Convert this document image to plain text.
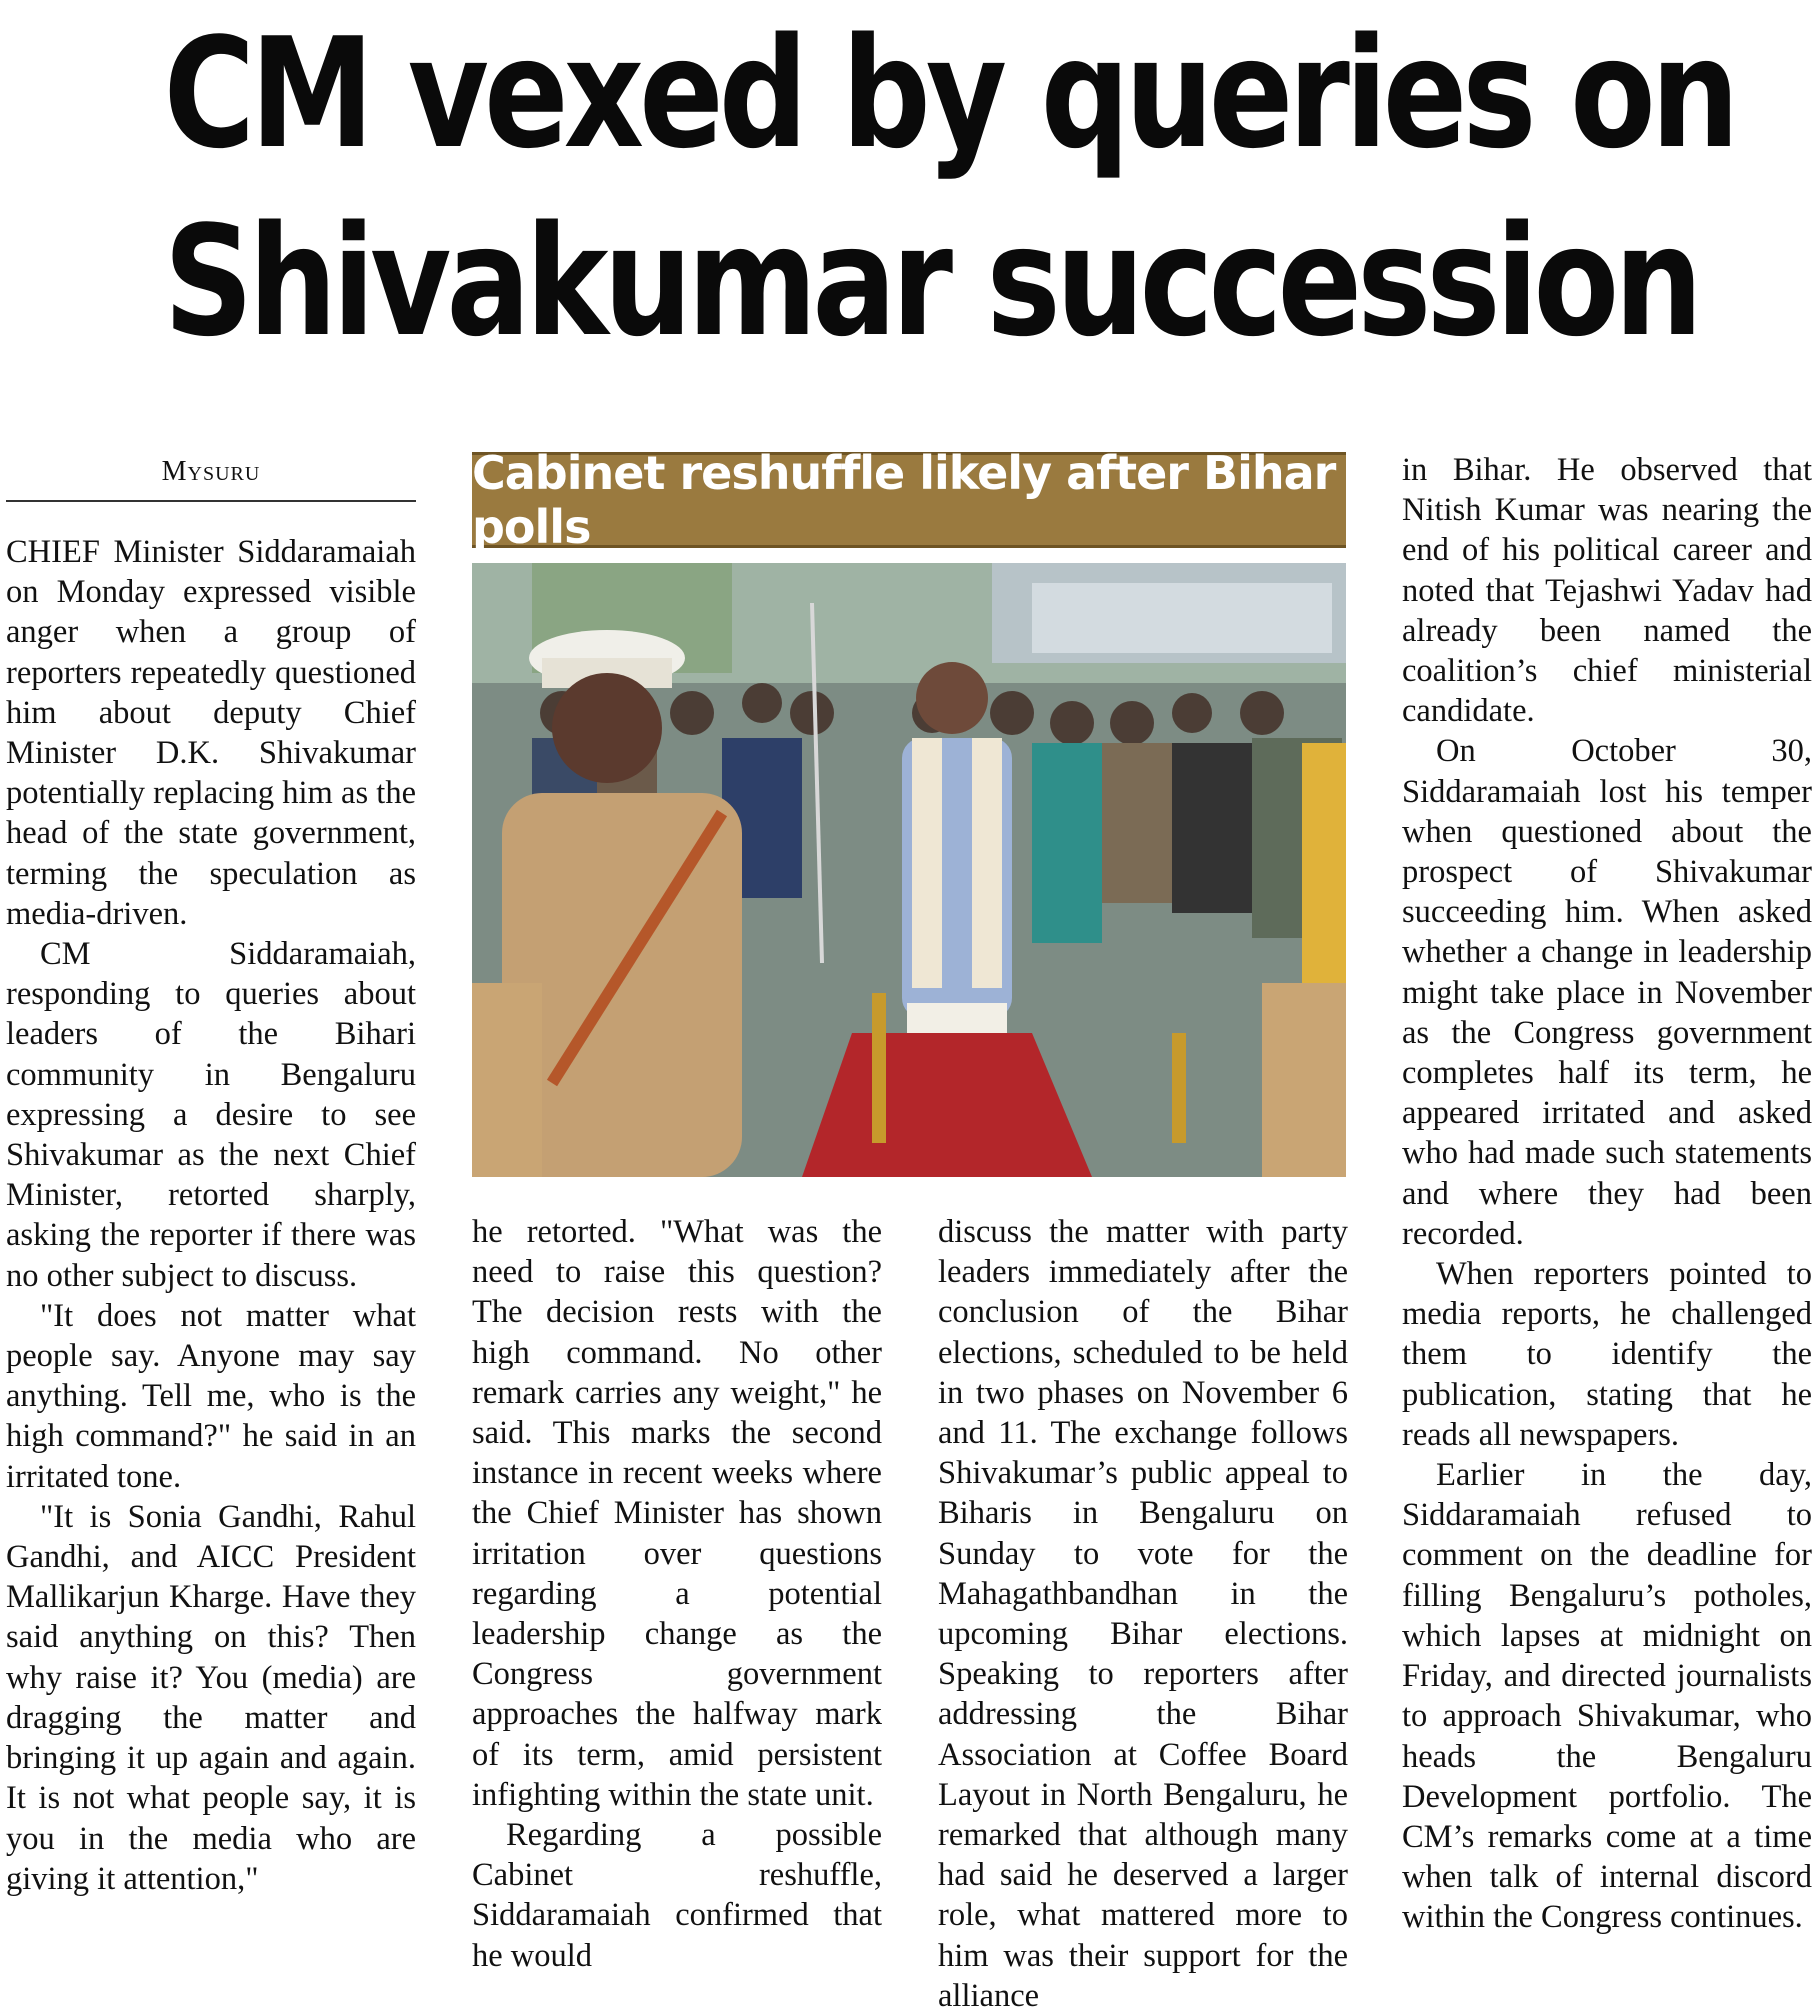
CM vexed by queries on
Shivakumar succession
Mysuru	Cabinet reshuffle likely after Bihar polls

CHIEF Minister Siddaramaiah on Monday expressed visible anger when a group of reporters repeatedly questioned him about deputy Chief Minister D.K. Shivakumar potentially replacing him as the head of the state government, terming the speculation as media-driven.

CM Siddaramaiah, responding to queries about leaders of the Bihari community in Bengaluru expressing a desire to see Shivakumar as the next Chief Minister, retorted sharply, asking the reporter if there was no other subject to discuss.

"It does not matter what people say. Anyone may say anything. Tell me, who is the high command?" he said in an irritated tone.

"It is Sonia Gandhi, Rahul Gandhi, and AICC President Mallikarjun Kharge. Have they said anything on this? Then why raise it? You (media) are dragging the matter and bringing it up again and again. It is not what people say, it is you in the media who are giving it attention,"

he retorted. "What was the need to raise this question? The decision rests with the high command. No other remark carries any weight," he said. This marks the second instance in recent weeks where the Chief Minister has shown irritation over questions regarding a potential leadership change as the Congress government approaches the halfway mark of its term, amid persistent infighting within the state unit.

Regarding a possible Cabinet reshuffle, Siddaramaiah confirmed that he would

discuss the matter with party leaders immediately after the conclusion of the Bihar elections, scheduled to be held in two phases on November 6 and 11. The exchange follows Shivakumar’s public appeal to Biharis in Bengaluru on Sunday to vote for the Mahagathbandhan in the upcoming Bihar elections. Speaking to reporters after addressing the Bihar Association at Coffee Board Layout in North Bengaluru, he remarked that although many had said he deserved a larger role, what mattered more to him was their support for the alliance

in Bihar. He observed that Nitish Kumar was nearing the end of his political career and noted that Tejashwi Yadav had already been named the coalition’s chief ministerial candidate.

On October 30, Siddaramaiah lost his temper when questioned about the prospect of Shivakumar succeeding him. When asked whether a change in leadership might take place in November as the Congress government completes half its term, he appeared irritated and asked who had made such statements and where they had been recorded.

When reporters pointed to media reports, he challenged them to identify the publication, stating that he reads all newspapers.

Earlier in the day, Siddaramaiah refused to comment on the deadline for filling Bengaluru’s potholes, which lapses at midnight on Friday, and directed journalists to approach Shivakumar, who heads the Bengaluru Development portfolio. The CM’s remarks come at a time when talk of internal discord within the Congress continues.
